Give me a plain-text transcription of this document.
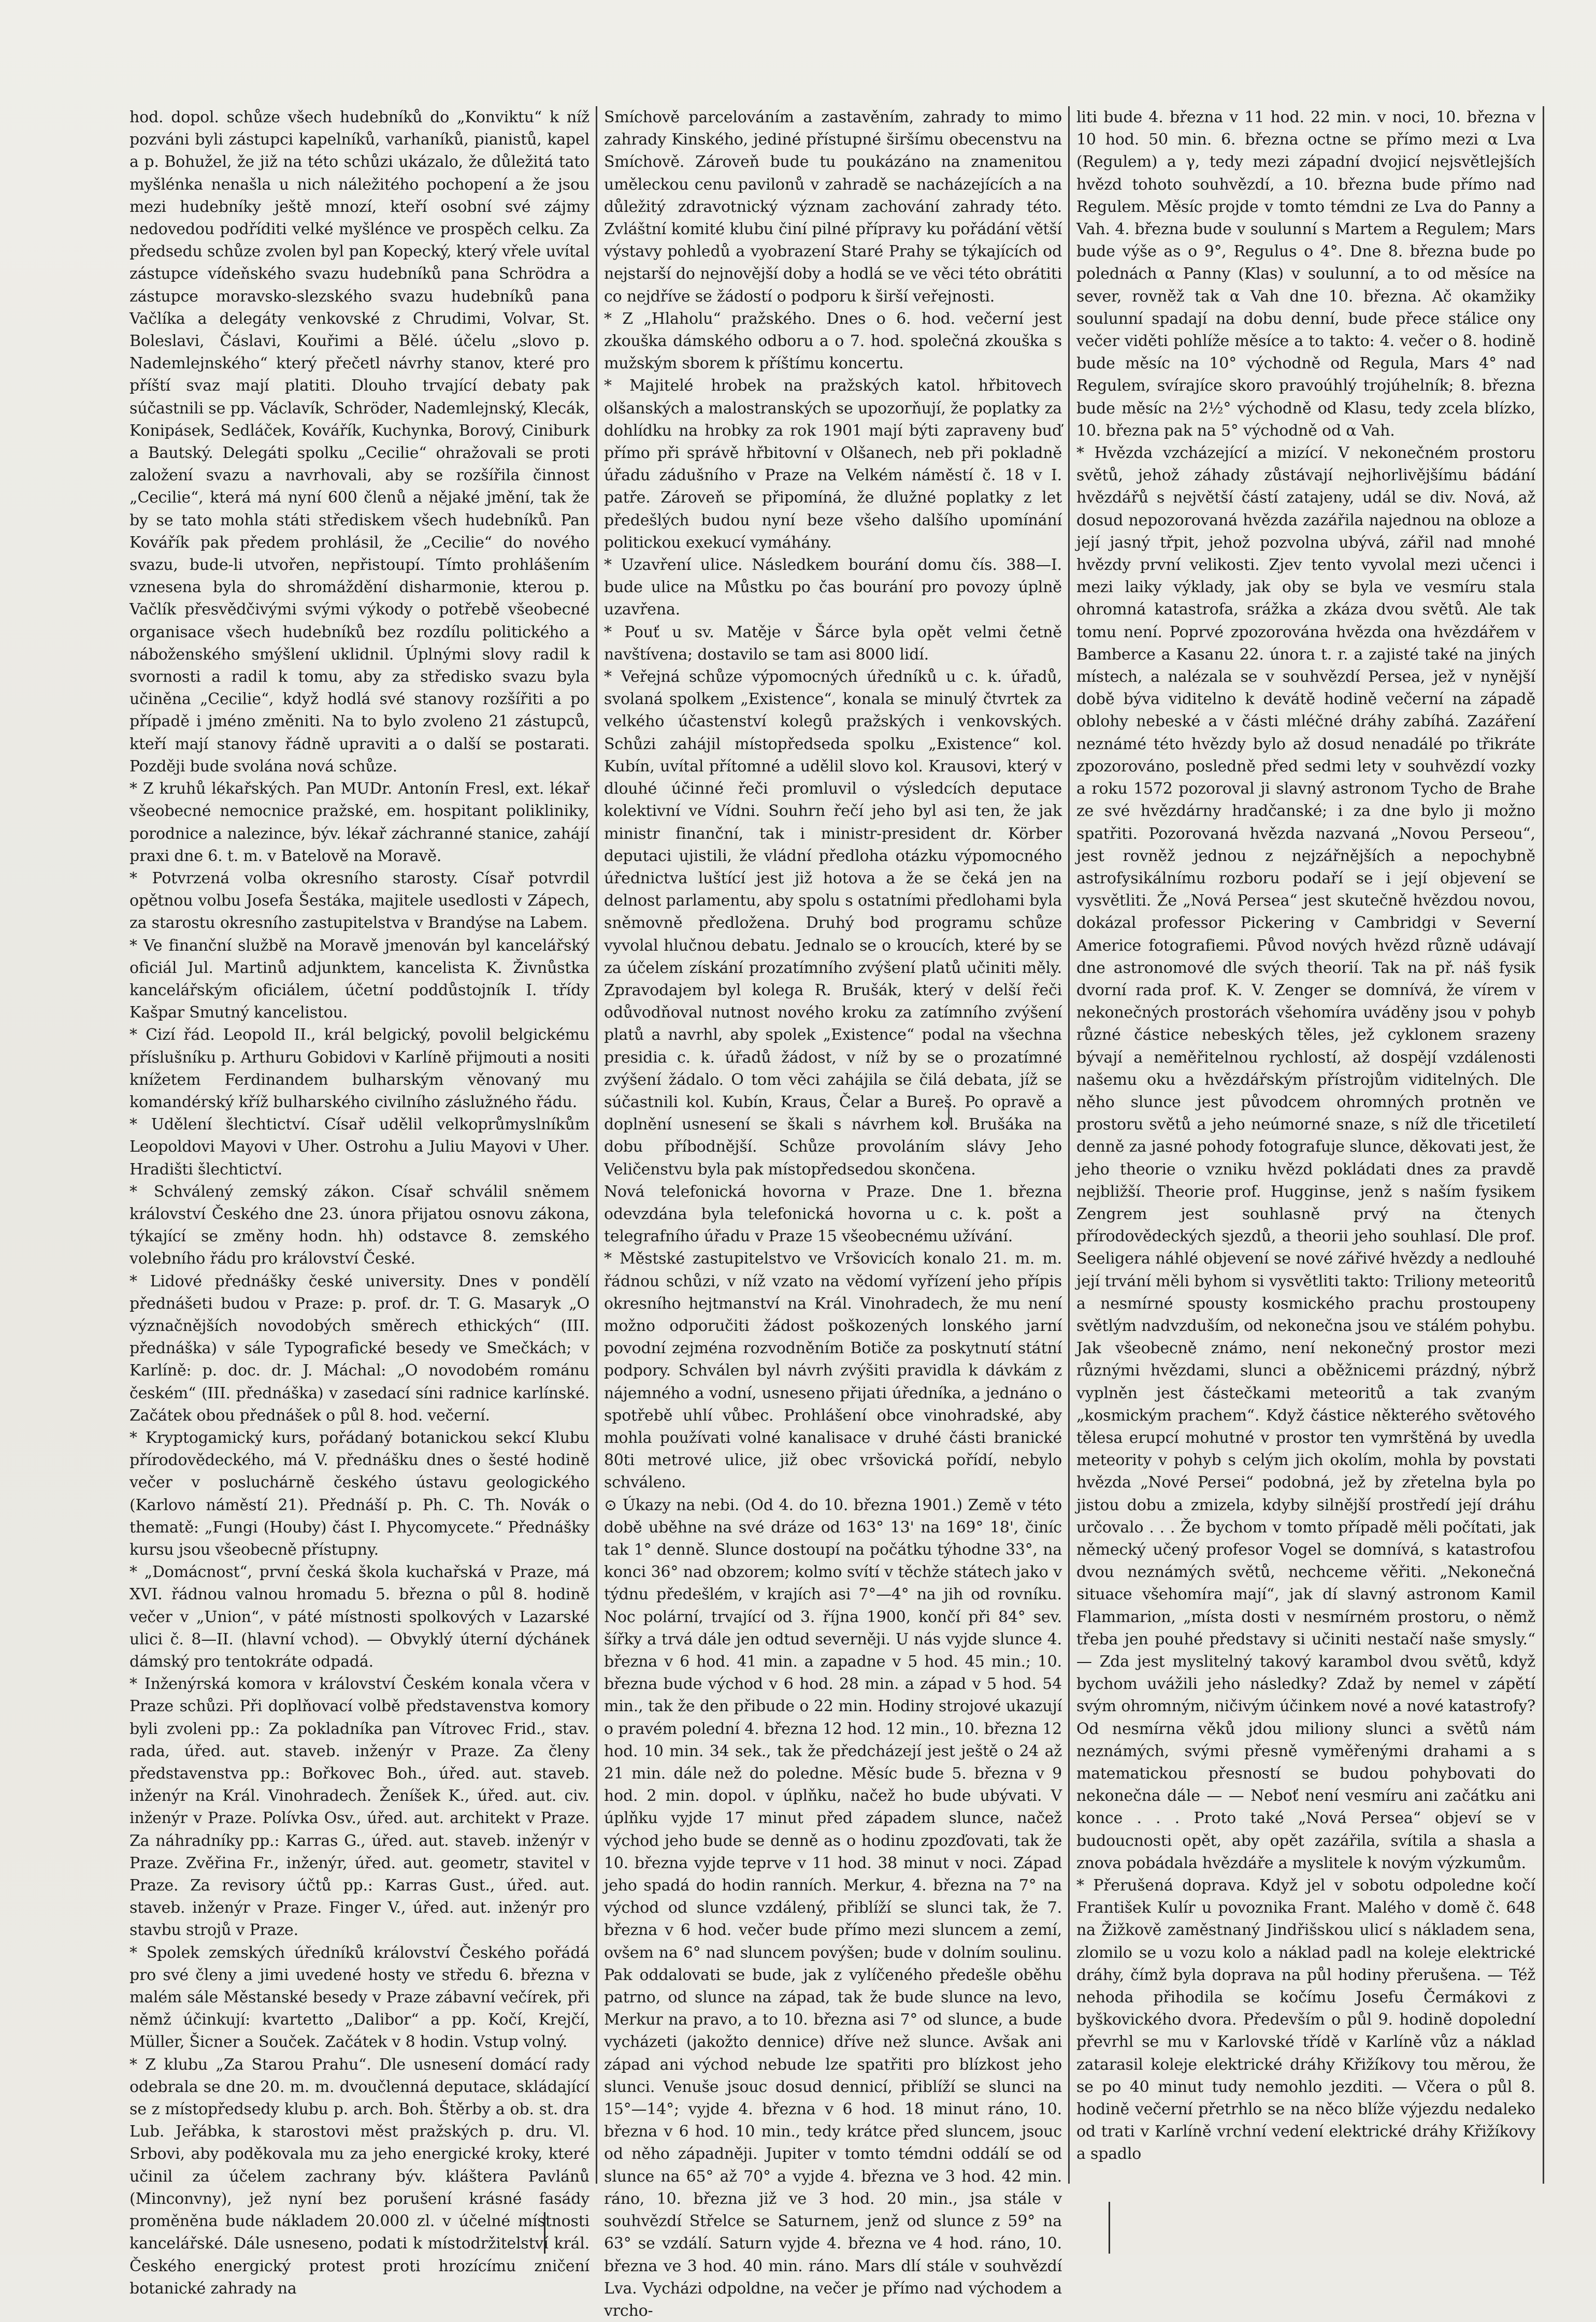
hod. dopol. schůze všech hudebníků do „Konviktu“ k níž pozváni byli zástupci kapelníků, varhaníků, pianistů, kapel a p. Bohužel, že již na této schůzi ukázalo, že důležitá tato myšlénka nenašla u nich náležitého pochopení a že jsou mezi hudebníky ještě mnozí, kteří osobní své zájmy nedovedou podříditi velké myšlénce ve prospěch celku. Za předsedu schůze zvolen byl pan Kopecký, který vřele uvítal zástupce vídeňského svazu hudebníků pana Schrödra a zástupce moravsko-slezského svazu hudebníků pana Vačlíka a delegáty venkovské z Chrudimi, Volvar, St. Boleslavi, Čáslavi, Kouřimi a Bělé. účelu „slovo p. Nademlejnského“ který přečetl návrhy stanov, které pro příští svaz mají platiti. Dlouho trvající debaty pak súčastnili se pp. Václavík, Schröder, Nademlejnský, Klecák, Konipásek, Sedláček, Kovářík, Kuchynka, Borový, Ciniburk a Bautský. Delegáti spolku „Cecilie“ ohražovali se proti založení svazu a navrhovali, aby se rozšířila činnost „Cecilie“, která má nyní 600 členů a nějaké jmění, tak že by se tato mohla státi střediskem všech hudebníků. Pan Kovářík pak předem prohlásil, že „Cecilie“ do nového svazu, bude-li utvořen, nepřistoupí. Tímto prohlášením vznesena byla do shromáždění disharmonie, kterou p. Vačlík přesvědčivými svými výkody o potřebě všeobecné organisace všech hudebníků bez rozdílu politického a náboženského smýšlení uklidnil. Úplnými slovy radil k svornosti a radil k tomu, aby za středisko svazu byla učiněna „Cecilie“, když hodlá své stanovy rozšířiti a po případě i jméno změniti. Na to bylo zvoleno 21 zástupců, kteří mají stanovy řádně upraviti a o další se postarati. Později bude svolána nová schůze.

* Z kruhů lékařských. Pan MUDr. Antonín Fresl, ext. lékař všeobecné nemocnice pražské, em. hospitant polikliniky, porodnice a nalezince, býv. lékař záchranné stanice, zahájí praxi dne 6. t. m. v Batelově na Moravě.

* Potvrzená volba okresního starosty. Císař potvrdil opětnou volbu Josefa Šestáka, majitele usedlosti v Zápech, za starostu okresního zastupitelstva v Brandýse na Labem.

* Ve finanční službě na Moravě jmenován byl kancelářský oficiál Jul. Martinů adjunktem, kancelista K. Živnůstka kancelářským oficiálem, účetní poddůstojník I. třídy Kašpar Smutný kancelistou.

* Cizí řád. Leopold II., král belgický, povolil belgickému příslušníku p. Arthuru Gobidovi v Karlíně přijmouti a nositi knížetem Ferdinandem bulharským věnovaný mu komandérský kříž bulharského civilního záslužného řádu.

* Udělení šlechtictví. Císař udělil velkoprůmyslníkům Leopoldovi Mayovi v Uher. Ostrohu a Juliu Mayovi v Uher. Hradišti šlechtictví.

* Schválený zemský zákon. Císař schválil sněmem království Českého dne 23. února přijatou osnovu zákona, týkající se změny hodn. hh) odstavce 8. zemského volebního řádu pro království České.

* Lidové přednášky české university. Dnes v pondělí přednášeti budou v Praze: p. prof. dr. T. G. Masaryk „O význačnějších novodobých směrech ethických“ (III. přednáška) v sále Typografické besedy ve Smečkách; v Karlíně: p. doc. dr. J. Máchal: „O novodobém románu českém“ (III. přednáška) v zasedací síni radnice karlínské. Začátek obou přednášek o půl 8. hod. večerní.

* Kryptogamický kurs, pořádaný botanickou sekcí Klubu přírodovědeckého, má V. přednášku dnes o šesté hodině večer v posluchárně českého ústavu geologického (Karlovo náměstí 21). Přednáší p. Ph. C. Th. Novák o thematě: „Fungi (Houby) část I. Phycomycete.“ Přednášky kursu jsou všeobecně přístupny.

* „Domácnost“, první česká škola kuchařská v Praze, má XVI. řádnou valnou hromadu 5. března o půl 8. hodině večer v „Union“, v páté místnosti spolkových v Lazarské ulici č. 8—II. (hlavní vchod). — Obvyklý úterní dýchánek dámský pro tentokráte odpadá.

* Inženýrská komora v království Českém konala včera v Praze schůzi. Při doplňovací volbě představenstva komory byli zvoleni pp.: Za pokladníka pan Vítrovec Frid., stav. rada, úřed. aut. staveb. inženýr v Praze. Za členy představenstva pp.: Bořkovec Boh., úřed. aut. staveb. inženýr na Král. Vinohradech. Ženíšek K., úřed. aut. civ. inženýr v Praze. Polívka Osv., úřed. aut. architekt v Praze. Za náhradníky pp.: Karras G., úřed. aut. staveb. inženýr v Praze. Zvěřina Fr., inženýr, úřed. aut. geometr, stavitel v Praze. Za revisory účtů pp.: Karras Gust., úřed. aut. staveb. inženýr v Praze. Finger V., úřed. aut. inženýr pro stavbu strojů v Praze.

* Spolek zemských úředníků království Českého pořádá pro své členy a jimi uvedené hosty ve středu 6. března v malém sále Městanské besedy v Praze zábavní večírek, při němž účinkují: kvartetto „Dalibor“ a pp. Kočí, Krejčí, Müller, Šicner a Souček. Začátek v 8 hodin. Vstup volný.

* Z klubu „Za Starou Prahu“. Dle usnesení domácí rady odebrala se dne 20. m. m. dvoučlenná deputace, skládající se z místopředsedy klubu p. arch. Boh. Štěrby a ob. st. dra Lub. Jeřábka, k starostovi měst pražských p. dru. Vl. Srbovi, aby poděkovala mu za jeho energické kroky, které učinil za účelem zachrany býv. kláštera Pavlánů (Minconvny), jež nyní bez porušení krásné fasády proměněna bude nákladem 20.000 zl. v účelné místnosti kancelářské. Dále usneseno, podati k místodržitelství král. Českého energický protest proti hrozícímu zničení botanické zahrady na

Smíchově parcelováním a zastavěním, zahrady to mimo zahrady Kinského, jediné přístupné širšímu obecenstvu na Smíchově. Zároveň bude tu poukázáno na znamenitou uměleckou cenu pavilonů v zahradě se nacházejících a na důležitý zdravotnický význam zachování zahrady této. Zvláštní komité klubu činí pilné přípravy ku pořádání větší výstavy pohledů a vyobrazení Staré Prahy se týkajících od nejstarší do nejnovější doby a hodlá se ve věci této obrátiti co nejdříve se žádostí o podporu k širší veřejnosti.

* Z „Hlaholu“ pražského. Dnes o 6. hod. večerní jest zkouška dámského odboru a o 7. hod. společná zkouška s mužským sborem k příštímu koncertu.

* Majitelé hrobek na pražských katol. hřbitovech olšanských a malostranských se upozorňují, že poplatky za dohlídku na hrobky za rok 1901 mají býti zapraveny buď přímo při správě hřbitovní v Olšanech, neb při pokladně úřadu zádušního v Praze na Velkém náměstí č. 18 v I. patře. Zároveň se připomíná, že dlužné poplatky z let předešlých budou nyní beze všeho dalšího upomínání politickou exekucí vymáhány.

* Uzavření ulice. Následkem bourání domu čís. 388—I. bude ulice na Můstku po čas bourání pro povozy úplně uzavřena.

* Pouť u sv. Matěje v Šárce byla opět velmi četně navštívena; dostavilo se tam asi 8000 lidí.

* Veřejná schůze výpomocných úředníků u c. k. úřadů, svolaná spolkem „Existence“, konala se minulý čtvrtek za velkého účastenství kolegů pražských i venkovských. Schůzi zahájil místopředseda spolku „Existence“ kol. Kubín, uvítal přítomné a udělil slovo kol. Krausovi, který v dlouhé účinné řeči promluvil o výsledcích deputace kolektivní ve Vídni. Souhrn řečí jeho byl asi ten, že jak ministr finanční, tak i ministr-president dr. Körber deputaci ujistili, že vládní předloha otázku výpomocného úřednictva luštící jest již hotova a že se čeká jen na delnost parlamentu, aby spolu s ostatními předlohami byla sněmovně předložena. Druhý bod programu schůze vyvolal hlučnou debatu. Jednalo se o kroucích, které by se za účelem získání prozatímního zvýšení platů učiniti měly. Zpravodajem byl kolega R. Brušák, který v delší řeči odůvodňoval nutnost nového kroku za zatímního zvýšení platů a navrhl, aby spolek „Existence“ podal na všechna presidia c. k. úřadů žádost, v níž by se o prozatímné zvýšení žádalo. O tom věci zahájila se čilá debata, jíž se súčastnili kol. Kubín, Kraus, Čelar a Bureš. Po opravě a doplnění usnesení se škali s návrhem kol. Brušáka na dobu příbodnější. Schůze provoláním slávy Jeho Veličenstvu byla pak místopředsedou skončena.

Nová telefonická hovorna v Praze. Dne 1. března odevzdána byla telefonická hovorna u c. k. pošt a telegrafního úřadu v Praze 15 všeobecnému užívání.

* Městské zastupitelstvo ve Vršovicích konalo 21. m. m. řádnou schůzi, v níž vzato na vědomí vyřízení jeho přípis okresního hejtmanství na Král. Vinohradech, že mu není možno odporučiti žádost poškozených lonského jarní povodní zejména rozvodněním Botiče za poskytnutí státní podpory. Schválen byl návrh zvýšiti pravidla k dávkám z nájemného a vodní, usneseno přijati úředníka, a jednáno o spotřebě uhlí vůbec. Prohlášení obce vinohradské, aby mohla používati volné kanalisace v druhé části branické 80ti metrové ulice, již obec vršovická pořídí, nebylo schváleno.

⊙ Úkazy na nebi. (Od 4. do 10. března 1901.) Země v této době uběhne na své dráze od 163° 13' na 169° 18', činíc tak 1° denně. Slunce dostoupí na počátku týhodne 33°, na konci 36° nad obzorem; kolmo svítí v těchže státech jako v týdnu předešlém, v krajích asi 7°—4° na jih od rovníku. Noc polární, trvající od 3. října 1900, končí při 84° sev. šířky a trvá dále jen odtud severněji. U nás vyjde slunce 4. března v 6 hod. 41 min. a zapadne v 5 hod. 45 min.; 10. března bude východ v 6 hod. 28 min. a západ v 5 hod. 54 min., tak že den přibude o 22 min. Hodiny strojové ukazují o pravém polední 4. března 12 hod. 12 min., 10. března 12 hod. 10 min. 34 sek., tak že předcházejí jest ještě o 24 až 21 min. dále než do poledne. Měsíc bude 5. března v 9 hod. 2 min. dopol. v úplňku, načež ho bude ubývati. V úplňku vyjde 17 minut před západem slunce, načež východ jeho bude se denně as o hodinu zpozďovati, tak že 10. března vyjde teprve v 11 hod. 38 minut v noci. Západ jeho spadá do hodin ranních. Merkur, 4. března na 7° na východ od slunce vzdálený, přiblíží se slunci tak, že 7. března v 6 hod. večer bude přímo mezi sluncem a zemí, ovšem na 6° nad sluncem povýšen; bude v dolním soulinu. Pak oddalovati se bude, jak z vylíčeného předešle oběhu patrno, od slunce na západ, tak že bude slunce na levo, Merkur na pravo, a to 10. března asi 7° od slunce, a bude vycházeti (jakožto dennice) dříve než slunce. Avšak ani západ ani východ nebude lze spatřiti pro blízkost jeho slunci. Venuše jsouc dosud dennicí, přiblíží se slunci na 15°—14°; vyjde 4. března v 6 hod. 18 minut ráno, 10. března v 6 hod. 10 min., tedy krátce před sluncem, jsouc od něho západněji. Jupiter v tomto témdni oddálí se od slunce na 65° až 70° a vyjde 4. března ve 3 hod. 42 min. ráno, 10. března již ve 3 hod. 20 min., jsa stále v souhvězdí Střelce se Saturnem, jenž od slunce z 59° na 63° se vzdálí. Saturn vyjde 4. března ve 4 hod. ráno, 10. března ve 3 hod. 40 min. ráno. Mars dlí stále v souhvězdí Lva. Vycházi odpoldne, na večer je přímo nad východem a vrcho-

liti bude 4. března v 11 hod. 22 min. v noci, 10. března v 10 hod. 50 min. 6. března octne se přímo mezi α Lva (Regulem) a γ, tedy mezi západní dvojicí nejsvětlejších hvězd tohoto souhvězdí, a 10. března bude přímo nad Regulem. Měsíc projde v tomto témdni ze Lva do Panny a Vah. 4. března bude v soulunní s Martem a Regulem; Mars bude výše as o 9°, Regulus o 4°. Dne 8. března bude po polednách α Panny (Klas) v soulunní, a to od měsíce na sever, rovněž tak α Vah dne 10. března. Ač okamžiky soulunní spadají na dobu denní, bude přece stálice ony večer viděti pohlíže měsíce a to takto: 4. večer o 8. hodině bude měsíc na 10° východně od Regula, Mars 4° nad Regulem, svírajíce skoro pravoúhlý trojúhelník; 8. března bude měsíc na 2½° východně od Klasu, tedy zcela blízko, 10. března pak na 5° východně od α Vah.

* Hvězda vzcházející a mizící. V nekonečném prostoru světů, jehož záhady zůstávají nejhorlivějšímu bádání hvězdářů s největší částí zatajeny, udál se div. Nová, až dosud nepozorovaná hvězda zazářila najednou na obloze a její jasný třpit, jehož pozvolna ubývá, zářil nad mnohé hvězdy první velikosti. Zjev tento vyvolal mezi učenci i mezi laiky výklady, jak oby se byla ve vesmíru stala ohromná katastrofa, srážka a zkáza dvou světů. Ale tak tomu není. Poprvé zpozorována hvězda ona hvězdářem v Bamberce a Kasanu 22. února t. r. a zajisté také na jiných místech, a nalézala se v souhvězdí Persea, jež v nynější době býva viditelno k devátě hodině večerní na západě oblohy nebeské a v části mléčné dráhy zabíhá. Zazáření neznámé této hvězdy bylo až dosud nenadálé po třikráte zpozorováno, posledně před sedmi lety v souhvězdí vozky a roku 1572 pozoroval ji slavný astronom Tycho de Brahe ze své hvězdárny hradčanské; i za dne bylo ji možno spatřiti. Pozorovaná hvězda nazvaná „Novou Perseou“, jest rovněž jednou z nejzářnějších a nepochybně astrofysikálnímu rozboru podaří se i její objevení se vysvětliti. Že „Nová Persea“ jest skutečně hvězdou novou, dokázal professor Pickering v Cambridgi v Severní Americe fotografiemi. Původ nových hvězd různě udávají dne astronomové dle svých theorií. Tak na př. náš fysik dvorní rada prof. K. V. Zenger se domnívá, že vírem v nekonečných prostorách všehomíra uváděny jsou v pohyb různé částice nebeských těles, jež cyklonem srazeny bývají a neměřitelnou rychlostí, až dospějí vzdálenosti našemu oku a hvězdářským přístrojům viditelných. Dle něho slunce jest původcem ohromných protněn ve prostoru světů a jeho neúmorné snaze, s níž dle třicetiletí denně za jasné pohody fotografuje slunce, děkovati jest, že jeho theorie o vzniku hvězd pokládati dnes za pravdě nejbližší. Theorie prof. Hugginse, jenž s naším fysikem Zengrem jest souhlasně prvý na čtenych přírodovědeckých sjezdů, a theorii jeho souhlasí. Dle prof. Seeligera náhlé objevení se nové zářivé hvězdy a nedlouhé její trvání měli byhom si vysvětliti takto: Triliony meteoritů a nesmírné spousty kosmického prachu prostoupeny světlým nadvzduším, od nekonečna jsou ve stálém pohybu. Jak všeobecně známo, není nekonečný prostor mezi různými hvězdami, slunci a oběžnicemi prázdný, nýbrž vyplněn jest částečkami meteoritů a tak zvaným „kosmickým prachem“. Když částice některého světového tělesa erupcí mohutné v prostor ten vymrštěná by uvedla meteority v pohyb s celým jich okolím, mohla by povstati hvězda „Nové Persei“ podobná, jež by zřetelna byla po jistou dobu a zmizela, kdyby silnější prostředí její dráhu určovalo . . . Že bychom v tomto případě měli počítati, jak německý učený profesor Vogel se domnívá, s katastrofou dvou neznámých světů, nechceme věřiti. „Nekonečná situace všehomíra mají“, jak dí slavný astronom Kamil Flammarion, „místa dosti v nesmírném prostoru, o němž třeba jen pouhé představy si učiniti nestačí naše smysly.“ — Zda jest myslitelný takový karambol dvou světů, když bychom uvážili jeho následky? Zdaž by nemel v zápětí svým ohromným, ničivým účinkem nové a nové katastrofy? Od nesmírna věků jdou miliony slunci a světů nám neznámých, svými přesně vyměřenými drahami a s matematickou přesností se budou pohybovati do nekonečna dále — — Neboť není vesmíru ani začátku ani konce . . . Proto také „Nová Persea“ objeví se v budoucnosti opět, aby opět zazářila, svítila a shasla a znova pobádala hvězdáře a myslitele k novým výzkumům.

* Přerušená doprava. Když jel v sobotu odpoledne kočí František Kulír u povoznika Frant. Malého v domě č. 648 na Žižkově zaměstnaný Jindřišskou ulicí s nákladem sena, zlomilo se u vozu kolo a náklad padl na koleje elektrické dráhy, čímž byla doprava na půl hodiny přerušena. — Též nehoda přihodila se kočímu Josefu Čermákovi z byškovického dvora. Především o půl 9. hodině dopolední převrhl se mu v Karlovské třídě v Karlíně vůz a náklad zatarasil koleje elektrické dráhy Křižíkovy tou měrou, že se po 40 minut tudy nemohlo jezditi. — Včera o půl 8. hodině večerní přetrhlo se na něco blíže výjezdu nedaleko od trati v Karlíně vrchní vedení elektrické dráhy Křižíkovy a spadlo
